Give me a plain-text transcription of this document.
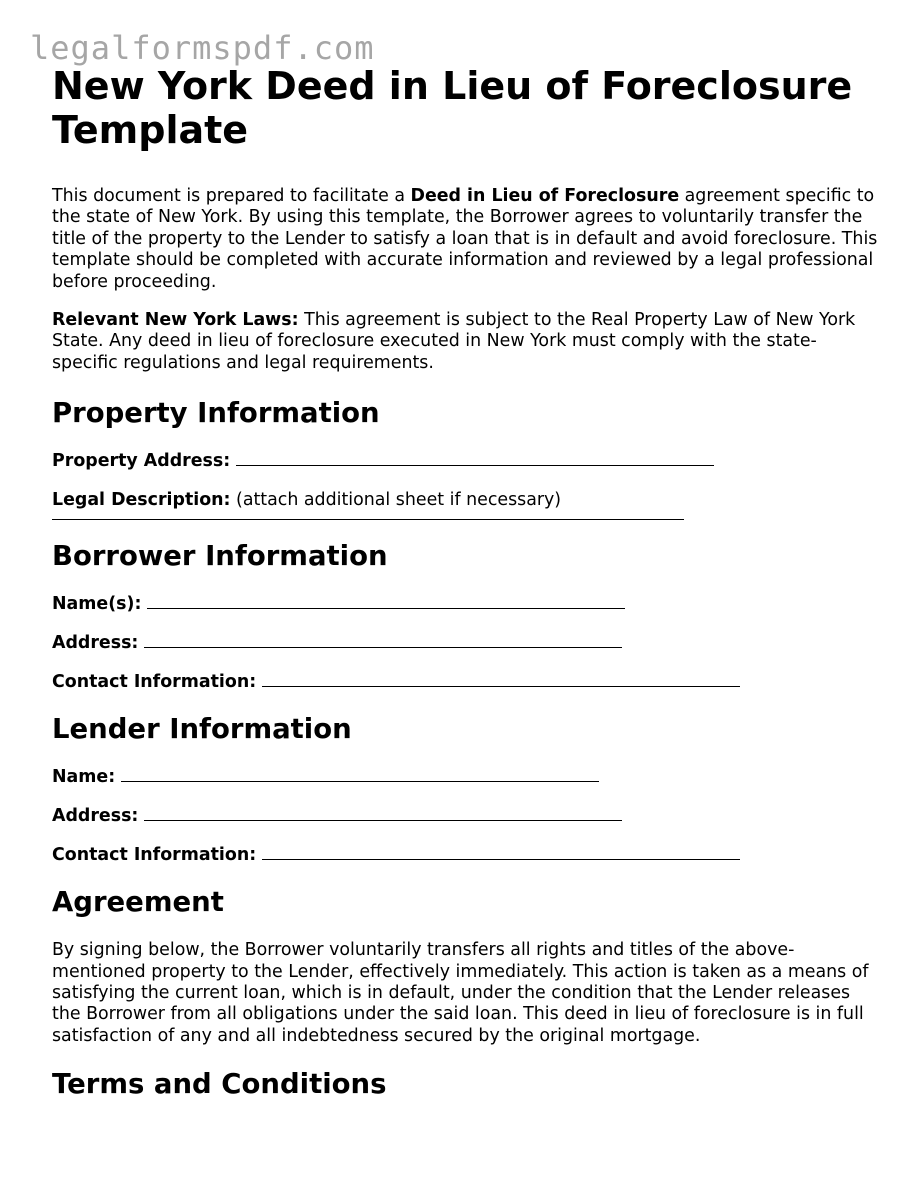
legalformspdf.com
New York Deed in Lieu of Foreclosure Template

This document is prepared to facilitate a Deed in Lieu of Foreclosure agreement specific to the state of New York. By using this template, the Borrower agrees to voluntarily transfer the title of the property to the Lender to satisfy a loan that is in default and avoid foreclosure. This template should be completed with accurate information and reviewed by a legal professional before proceeding.

Relevant New York Laws: This agreement is subject to the Real Property Law of New York State. Any deed in lieu of foreclosure executed in New York must comply with the state-specific regulations and legal requirements.

Property Information

Property Address:

Legal Description: (attach additional sheet if necessary)

Borrower Information

Name(s):

Address:

Contact Information:

Lender Information

Name:

Address:

Contact Information:

Agreement

By signing below, the Borrower voluntarily transfers all rights and titles of the above-mentioned property to the Lender, effectively immediately. This action is taken as a means of satisfying the current loan, which is in default, under the condition that the Lender releases the Borrower from all obligations under the said loan. This deed in lieu of foreclosure is in full satisfaction of any and all indebtedness secured by the original mortgage.

Terms and Conditions
